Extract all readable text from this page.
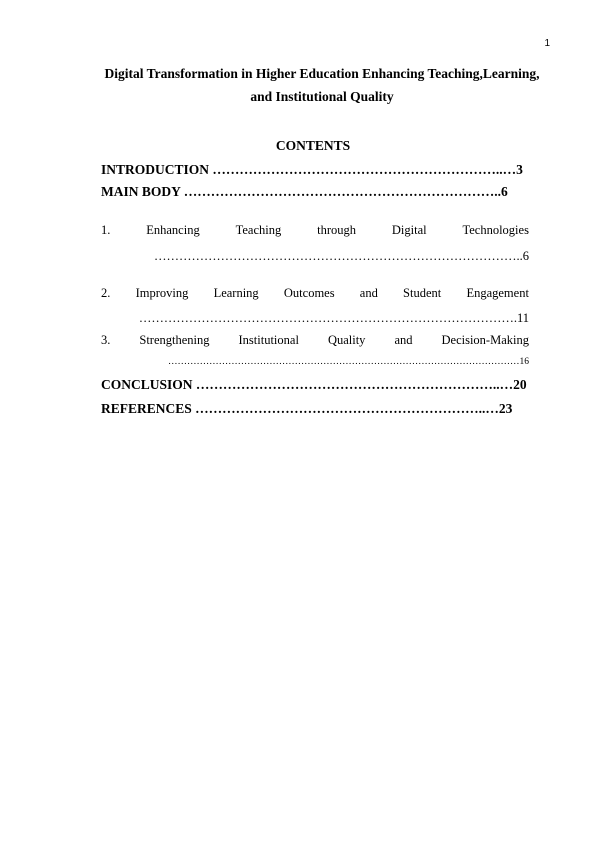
1
Digital Transformation in Higher Education Enhancing Teaching,Learning,
and Institutional Quality
CONTENTS
INTRODUCTION ………………………………………………………..…3
MAIN BODY ……………………………………………………………..6
1.	Enhancing	Teaching	through	Digital	Technologies
……………………………………………………………………………..6
2. Improving Learning Outcomes and Student Engagement
……………………………………………………………………………….11
3. Strengthening Institutional Quality and Decision-Making
…………………………………………………………………………………………………16
CONCLUSION …………………………………………………………..…20
REFERENCES ………………………………………………………..…23
